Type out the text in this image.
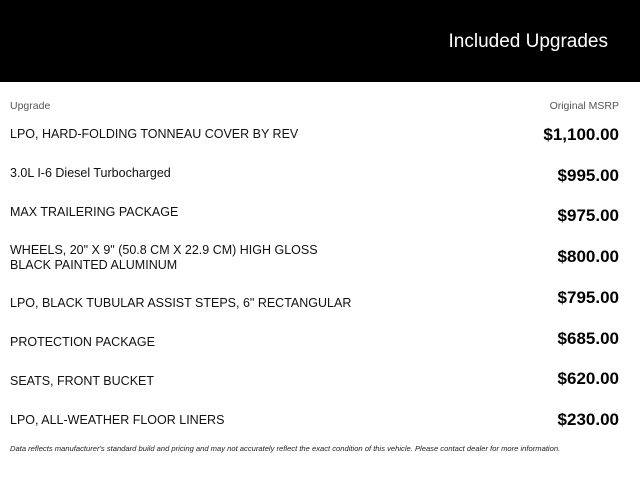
Included Upgrades
Upgrade	Original MSRP
LPO, HARD-FOLDING TONNEAU COVER BY REV	$1,100.00
3.0L I-6 Diesel Turbocharged	$995.00
MAX TRAILERING PACKAGE	$975.00
WHEELS, 20" X 9" (50.8 CM X 22.9 CM) HIGH GLOSS BLACK PAINTED ALUMINUM	$800.00
LPO, BLACK TUBULAR ASSIST STEPS, 6" RECTANGULAR	$795.00
PROTECTION PACKAGE	$685.00
SEATS, FRONT BUCKET	$620.00
LPO, ALL-WEATHER FLOOR LINERS	$230.00
Data reflects manufacturer's standard build and pricing and may not accurately reflect the exact condition of this vehicle. Please contact dealer for more information.
